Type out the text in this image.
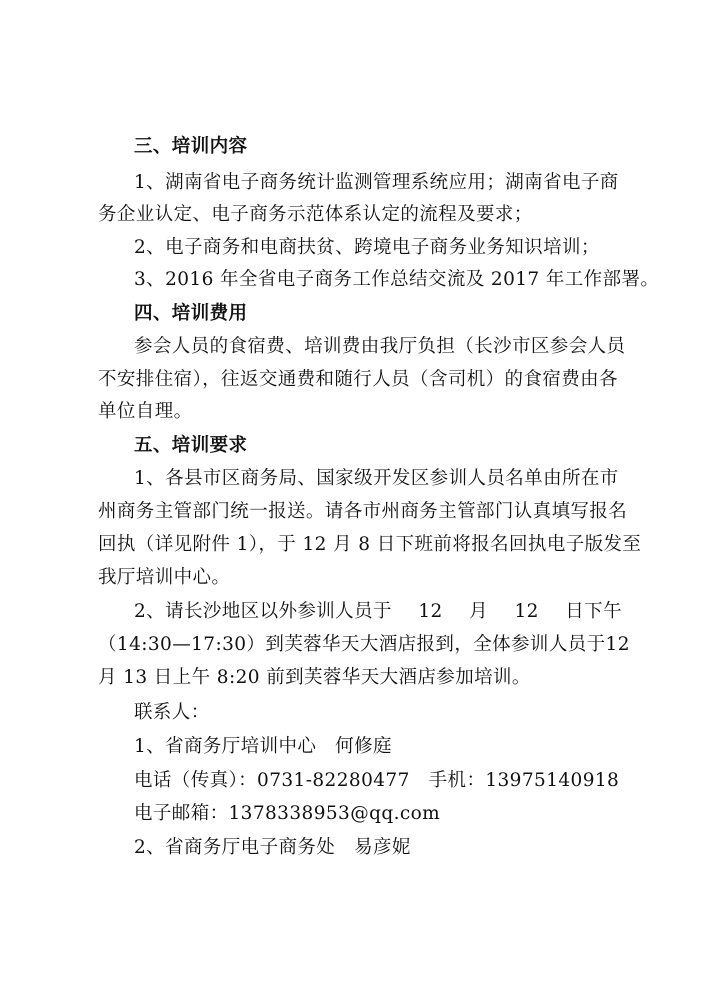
三、培训内容
1、湖南省电子商务统计监测管理系统应用；湖南省电子商
务企业认定、电子商务示范体系认定的流程及要求；
2、电子商务和电商扶贫、跨境电子商务业务知识培训；
3、2016 年全省电子商务工作总结交流及 2017 年工作部署。
四、培训费用
参会人员的食宿费、培训费由我厅负担（长沙市区参会人员
不安排住宿），往返交通费和随行人员（含司机）的食宿费由各
单位自理。
五、培训要求
1、各县市区商务局、国家级开发区参训人员名单由所在市
州商务主管部门统一报送。请各市州商务主管部门认真填写报名
回执（详见附件 1），于 12 月 8 日下班前将报名回执电子版发至
我厅培训中心。
2、请长沙地区以外参训人员于 12 月 12 日下午
（14:30—17:30）到芙蓉华天大酒店报到，全体参训人员于 12
月 13 日上午 8:20 前到芙蓉华天大酒店参加培训。
联系人：
1、省商务厅培训中心　何修庭
电话（传真）：0731-82280477　手机：13975140918
电子邮箱：1378338953@qq.com
2、省商务厅电子商务处　易彦妮
